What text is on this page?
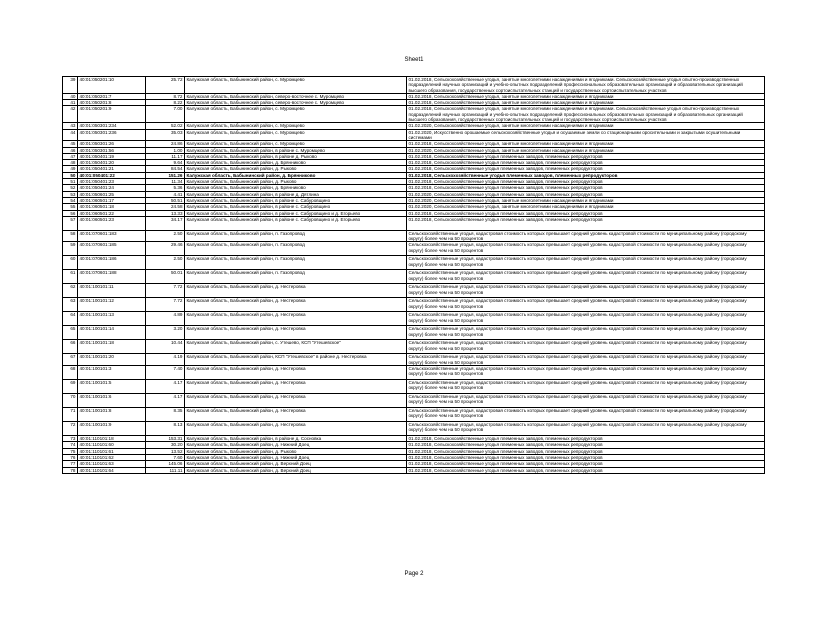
Sheet1
39	40:01:050201:10	25.72	Калужская область, Бабынинский район, с. Муромцево	01.02.2018, Сельскохозяйственные угодья, занятые многолетними насаждениями и ягодниками. Сельскохозяйственные угодья опытно-производственных подразделений научных организаций и учебно-опытных подразделений профессиональных образовательных организаций и образовательных организаций высшего образования, государственных сортоиспытательных станций и государственных сортоиспытательных участков
40	40:01:050201:7	8.72	Калужская область, Бабынинский район, северо-восточнее с. Муромцево	01.02.2018, Сельскохозяйственные угодья, занятые многолетними насаждениями и ягодниками
41	40:01:050201:8	8.22	Калужская область, Бабынинский район, северо-восточнее с. Муромцево	01.02.2018, Сельскохозяйственные угодья, занятые многолетними насаждениями и ягодниками
42	40:01:050201:9	7.00	Калужская область, Бабынинский район, с. Муромцево	01.02.2018, Сельскохозяйственные угодья, занятые многолетними насаждениями и ягодниками. Сельскохозяйственные угодья опытно-производственных подразделений научных организаций и учебно-опытных подразделений профессиональных образовательных организаций и образовательных организаций высшего образования, государственных сортоиспытательных станций и государственных сортоиспытательных участков
43	40:01:050301:234	52.02	Калужская область, Бабынинский район, с. Муромцево	01.02.2020, Сельскохозяйственные угодья, занятые многолетними насаждениями и ягодниками
44	40:01:050301:236	35.03	Калужская область, Бабынинский район, с. Муромцево	01.02.2020, Искусственно орошаемые сельскохозяйственные угодья и осушаемые земли со стационарными оросительными и закрытыми осушительными системами
45	40:01:050301:26	24.86	Калужская область, Бабынинский район, с. Муромцево	01.02.2018, Сельскохозяйственные угодья, занятые многолетними насаждениями и ягодниками
46	40:01:050301:56	1.00	Калужская область, Бабынинский район, в районе с. Муромцево	01.02.2020, Сельскохозяйственные угодья, занятые многолетними насаждениями и ягодниками
47	40:01:050401:19	11.17	Калужская область, Бабынинский район, в районе д. Рыково	01.02.2018, Сельскохозяйственные угодья племенных заводов, племенных репродукторов
48	40:01:050401:20	9.64	Калужская область, Бабынинский район, д. Брянниково	01.02.2018, Сельскохозяйственные угодья племенных заводов, племенных репродукторов
49	40:01:050401:21	84.54	Калужская область, Бабынинский район, д. Рыково	01.02.2018, Сельскохозяйственные угодья племенных заводов, племенных репродукторов
50	40:01:050401:22	151.26	Калужская область, Бабынинский район, д. Брянниково	01.02.2018, Сельскохозяйственные угодья племенных заводов, племенных репродукторов
51	40:01:050401:23	11.34	Калужская область, Бабынинский район, д. Рыково	01.02.2018, Сельскохозяйственные угодья племенных заводов, племенных репродукторов
52	40:01:050401:24	5.36	Калужская область, Бабынинский район, д. Брянниково	01.02.2018, Сельскохозяйственные угодья племенных заводов, племенных репродукторов
53	40:01:050601:25	4.41	Калужская область, Бабынинский район, в районе д. Дятлина	01.02.2020, Сельскохозяйственные угодья племенных заводов, племенных репродукторов
54	40:01:060501:17	50.51	Калужская область, Бабынинский район, в районе с. Сабуровщино	01.02.2020, Сельскохозяйственные угодья, занятые многолетними насаждениями и ягодниками
55	40:01:060501:18	24.58	Калужская область, Бабынинский район, в районе с. Сабуровщино	01.02.2020, Сельскохозяйственные угодья, занятые многолетними насаждениями и ягодниками
56	40:01:060501:22	13.33	Калужская область, Бабынинский район, в районе с. Сабуровщино и д. Егорьево	01.02.2018, Сельскохозяйственные угодья племенных заводов, племенных репродукторов
57	40:01:060501:23	34.17	Калужская область, Бабынинский район, в районе с. Сабуровщино и д. Егорьево	01.02.2018, Сельскохозяйственные угодья племенных заводов, племенных репродукторов
58	40:01:070601:183	2.50	Калужская область, Бабынинский район, п. Газопровод	Сельскохозяйственные угодья, кадастровая стоимость которых превышает средний уровень кадастровой стоимости по муниципальному району (городскому округу) более чем на 50 процентов
59	40:01:070601:185	29.46	Калужская область, Бабынинский район, п. Газопровод	Сельскохозяйственные угодья, кадастровая стоимость которых превышает средний уровень кадастровой стоимости по муниципальному району (городскому округу) более чем на 50 процентов
60	40:01:070601:186	2.50	Калужская область, Бабынинский район, п. Газопровод	Сельскохозяйственные угодья, кадастровая стоимость которых превышает средний уровень кадастровой стоимости по муниципальному району (городскому округу) более чем на 50 процентов
61	40:01:070601:188	50.01	Калужская область, Бабынинский район, п. Газопровод	Сельскохозяйственные угодья, кадастровая стоимость которых превышает средний уровень кадастровой стоимости по муниципальному району (городскому округу) более чем на 50 процентов
62	40:01:100101:11	7.72	Калужская область, Бабынинский район, д. Нестеровка	Сельскохозяйственные угодья, кадастровая стоимость которых превышает средний уровень кадастровой стоимости по муниципальному району (городскому округу) более чем на 50 процентов
63	40:01:100101:12	7.72	Калужская область, Бабынинский район, д. Нестеровка	Сельскохозяйственные угодья, кадастровая стоимость которых превышает средний уровень кадастровой стоимости по муниципальному району (городскому округу) более чем на 50 процентов
64	40:01:100101:13	4.89	Калужская область, Бабынинский район, д. Нестеровка	Сельскохозяйственные угодья, кадастровая стоимость которых превышает средний уровень кадастровой стоимости по муниципальному району (городскому округу) более чем на 50 процентов
65	40:01:100101:14	3.20	Калужская область, Бабынинский район, д. Нестеровка	Сельскохозяйственные угодья, кадастровая стоимость которых превышает средний уровень кадастровой стоимости по муниципальному району (городскому округу) более чем на 50 процентов
66	40:01:100101:18	10.44	Калужская область, Бабынинский район, с. Утешево, КСП "Утешевское"	Сельскохозяйственные угодья, кадастровая стоимость которых превышает средний уровень кадастровой стоимости по муниципальному району (городскому округу) более чем на 50 процентов
67	40:01:100101:20	4.19	Калужская область, Бабынинский район, КСП "Утешевское" в районе д. Нестеровка	Сельскохозяйственные угодья, кадастровая стоимость которых превышает средний уровень кадастровой стоимости по муниципальному району (городскому округу) более чем на 50 процентов
68	40:01:100101:3	7.40	Калужская область, Бабынинский район, д. Нестеровка	Сельскохозяйственные угодья, кадастровая стоимость которых превышает средний уровень кадастровой стоимости по муниципальному району (городскому округу) более чем на 50 процентов
69	40:01:100101:5	4.17	Калужская область, Бабынинский район, д. Нестеровка	Сельскохозяйственные угодья, кадастровая стоимость которых превышает средний уровень кадастровой стоимости по муниципальному району (городскому округу) более чем на 50 процентов
70	40:01:100101:6	4.17	Калужская область, Бабынинский район, д. Нестеровка	Сельскохозяйственные угодья, кадастровая стоимость которых превышает средний уровень кадастровой стоимости по муниципальному району (городскому округу) более чем на 50 процентов
71	40:01:100101:8	8.35	Калужская область, Бабынинский район, д. Нестеровка	Сельскохозяйственные угодья, кадастровая стоимость которых превышает средний уровень кадастровой стоимости по муниципальному району (городскому округу) более чем на 50 процентов
72	40:01:100101:9	8.13	Калужская область, Бабынинский район, д. Нестеровка	Сельскохозяйственные угодья, кадастровая стоимость которых превышает средний уровень кадастровой стоимости по муниципальному району (городскому округу) более чем на 50 процентов
73	40:01:110101:18	153.31	Калужская область, Бабынинский район, в районе д. Сосновка	01.02.2018, Сельскохозяйственные угодья племенных заводов, племенных репродукторов
74	40:01:110101:60	30.20	Калужская область, Бабынинский район, д. Нижний Доец	01.02.2018, Сельскохозяйственные угодья племенных заводов, племенных репродукторов
75	40:01:110101:61	13.52	Калужская область, Бабынинский район, д. Рыково	01.02.2018, Сельскохозяйственные угодья племенных заводов, племенных репродукторов
76	40:01:110101:62	7.60	Калужская область, Бабынинский район, д. Нижний Доец	01.02.2018, Сельскохозяйственные угодья племенных заводов, племенных репродукторов
77	40:01:110101:63	145.06	Калужская область, Бабынинский район, д. Верхний Доец	01.02.2018, Сельскохозяйственные угодья племенных заводов, племенных репродукторов
78	40:01:110101:64	111.11	Калужская область, Бабынинский район, д. Верхний Доец	01.02.2018, Сельскохозяйственные угодья племенных заводов, племенных репродукторов
Page 2
